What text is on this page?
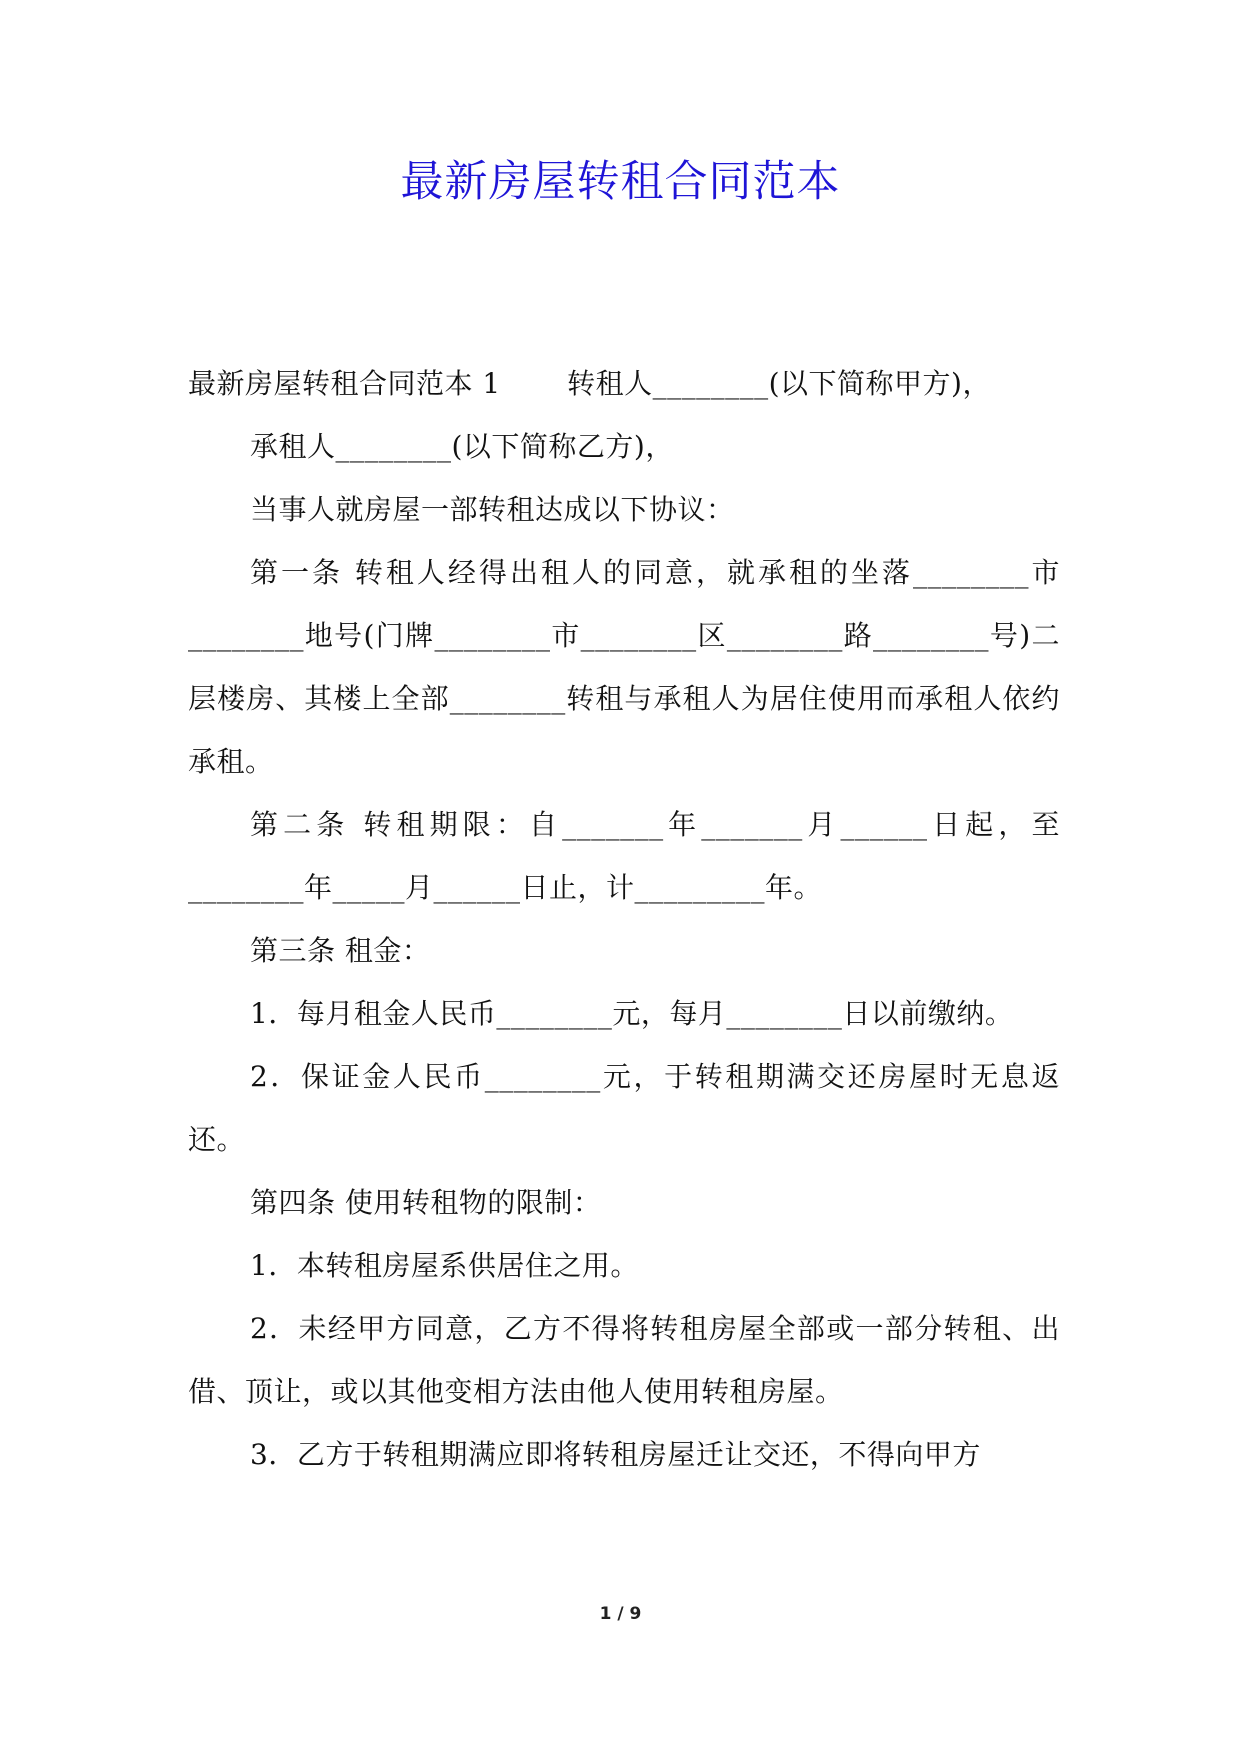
最新房屋转租合同范本

最新房屋转租合同范本 1　　 转租人________(以下简称甲方)，

承租人________(以下简称乙方)，

当事人就房屋一部转租达成以下协议：

第一条 转租人经得出租人的同意，就承租的坐落________市________地号(门牌________市________区________路________号)二层楼房、其楼上全部________转租与承租人为居住使用而承租人依约承租。

第二条 转租期限：自_______年_______月______日起，至________年_____月______日止，计_________年。

第三条 租金：

1．每月租金人民币________元，每月________日以前缴纳。

2．保证金人民币________元，于转租期满交还房屋时无息返还。

第四条 使用转租物的限制：

1．本转租房屋系供居住之用。

2．未经甲方同意，乙方不得将转租房屋全部或一部分转租、出借、顶让，或以其他变相方法由他人使用转租房屋。

3．乙方于转租期满应即将转租房屋迁让交还，不得向甲方

1 / 9
